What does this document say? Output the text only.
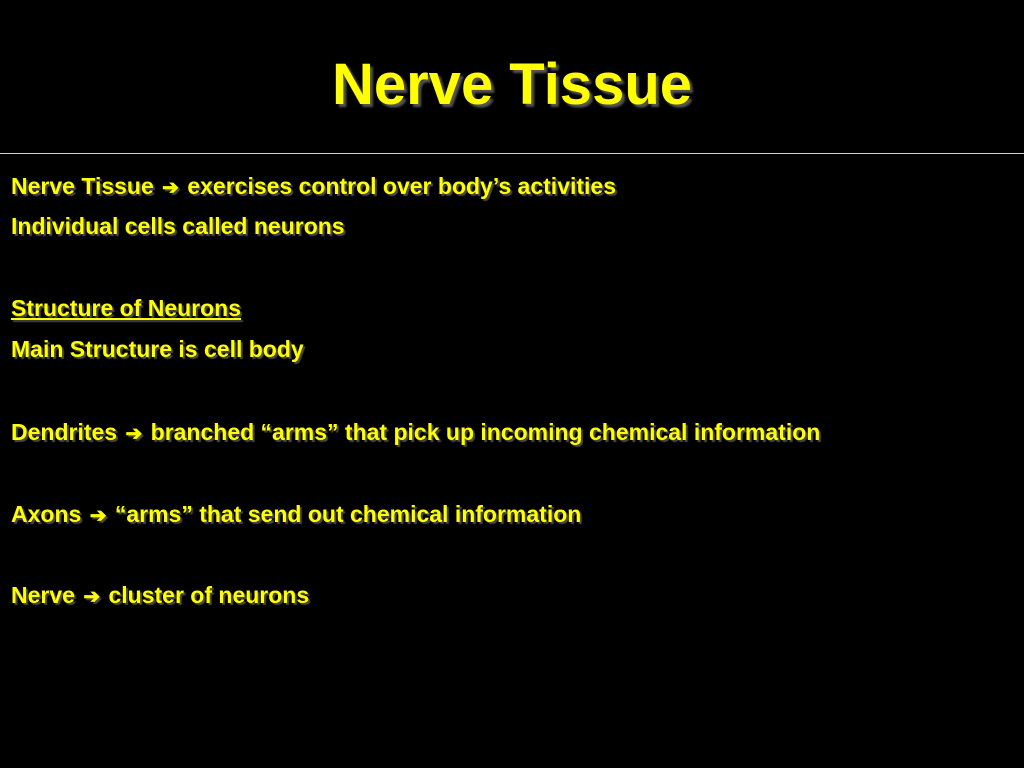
Nerve Tissue
Nerve Tissue ➔ exercises control over body’s activities
Individual cells called neurons
Structure of Neurons
Main Structure is cell body
Dendrites ➔ branched “arms” that pick up incoming chemical information
Axons ➔ “arms” that send out chemical information
Nerve ➔ cluster of neurons
